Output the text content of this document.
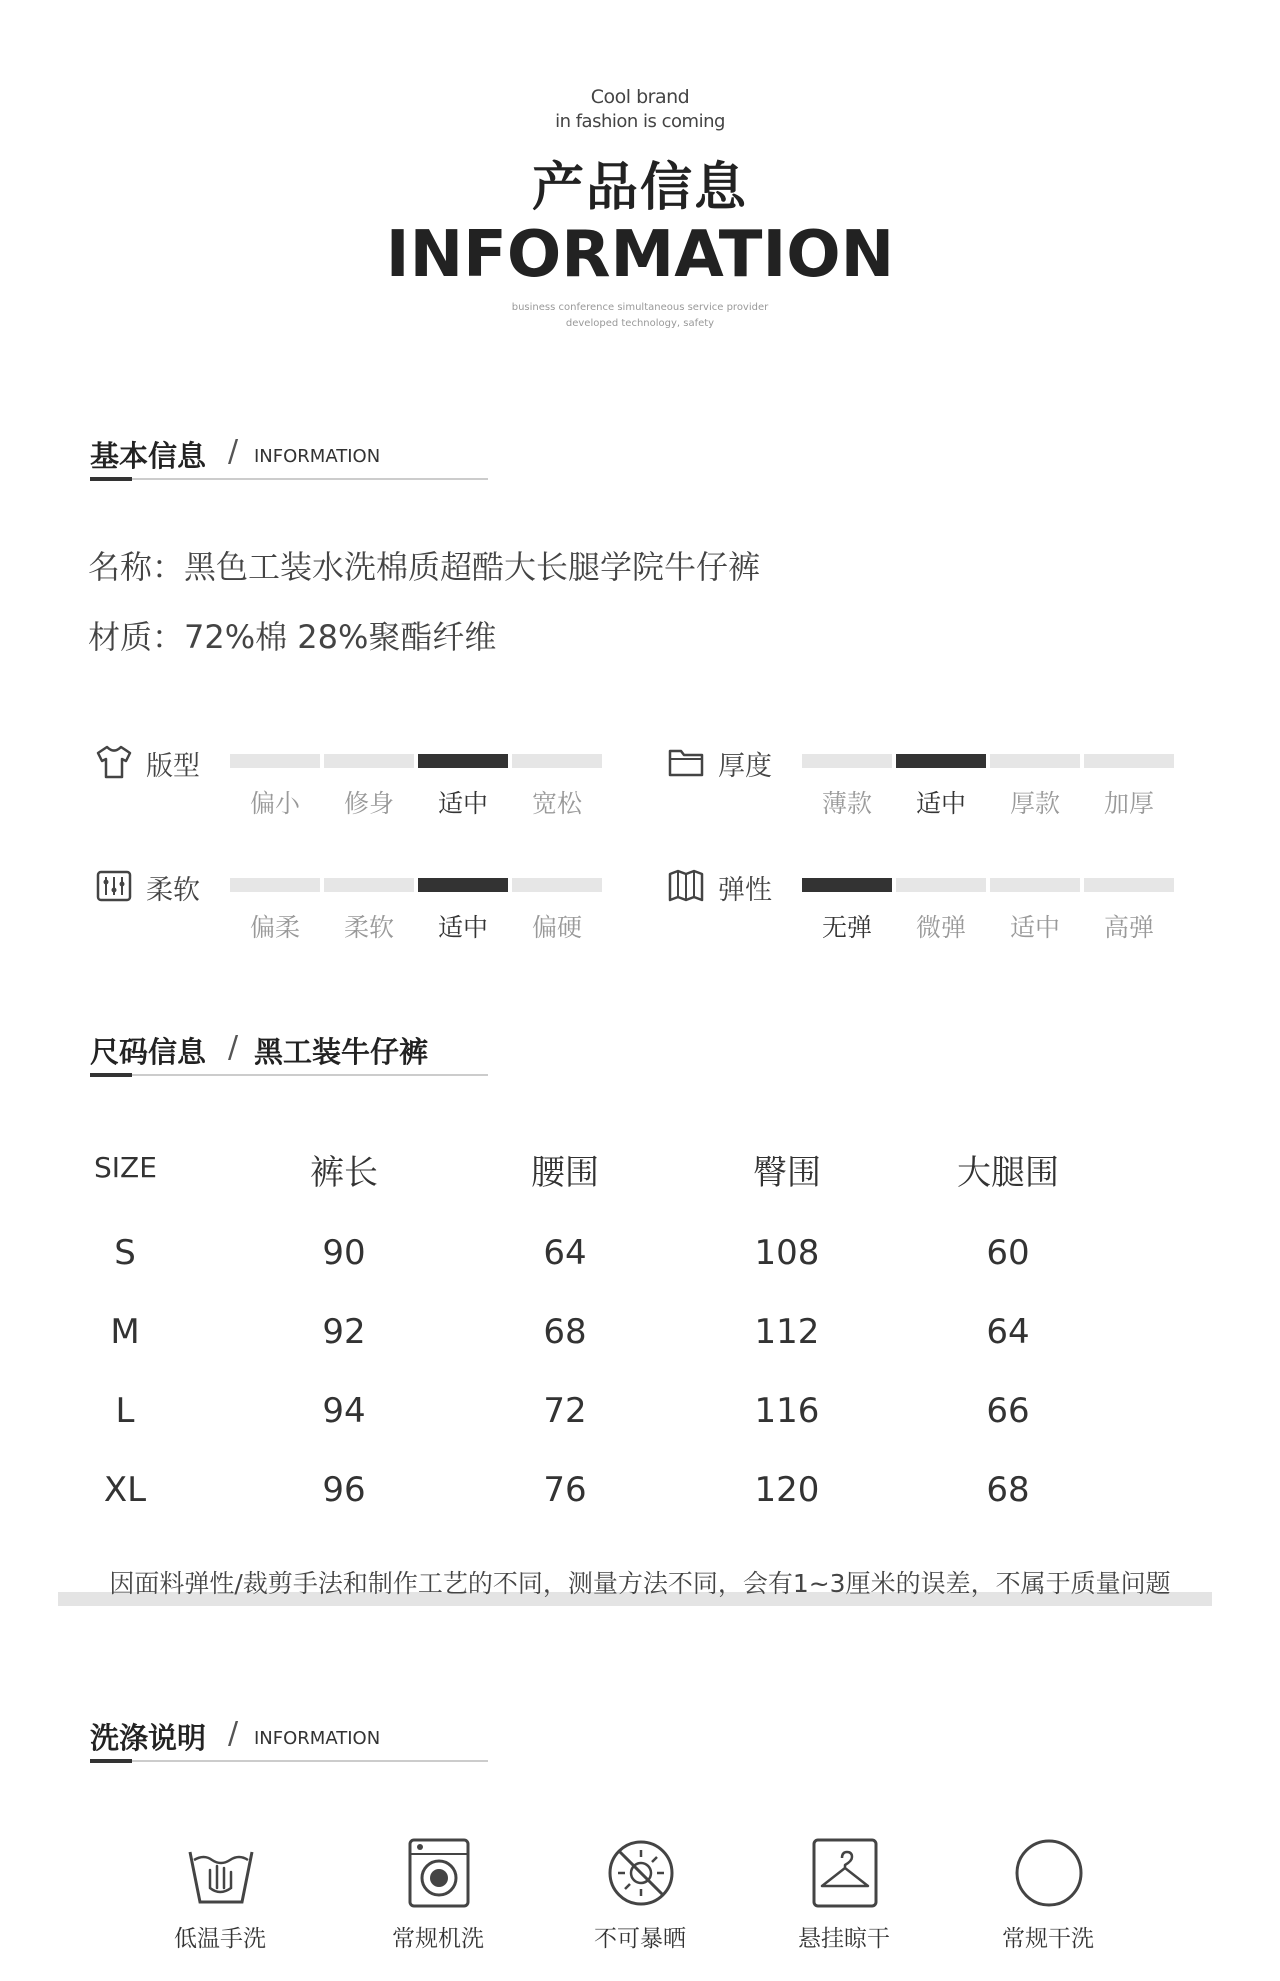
Cool brand
in fashion is coming
产品信息
INFORMATION
business conference simultaneous service provider
developed technology, safety
基本信息 / INFORMATION
名称：黑色工装水洗棉质超酷大长腿学院牛仔裤
材质：72%棉 28%聚酯纤维
版型
偏小	修身	适中	宽松
厚度
薄款	适中	厚款	加厚
柔软
偏柔	柔软	适中	偏硬
弹性
无弹	微弹	适中	高弹
尺码信息 / 黑工装牛仔裤
SIZE	裤长	腰围	臀围	大腿围
S	90	64	108	60
M	92	68	112	64
L	94	72	116	66
XL	96	76	120	68
因面料弹性/裁剪手法和制作工艺的不同，测量方法不同，会有1~3厘米的误差，不属于质量问题
洗涤说明 / INFORMATION
低温手洗	常规机洗	不可暴晒	悬挂晾干	常规干洗
